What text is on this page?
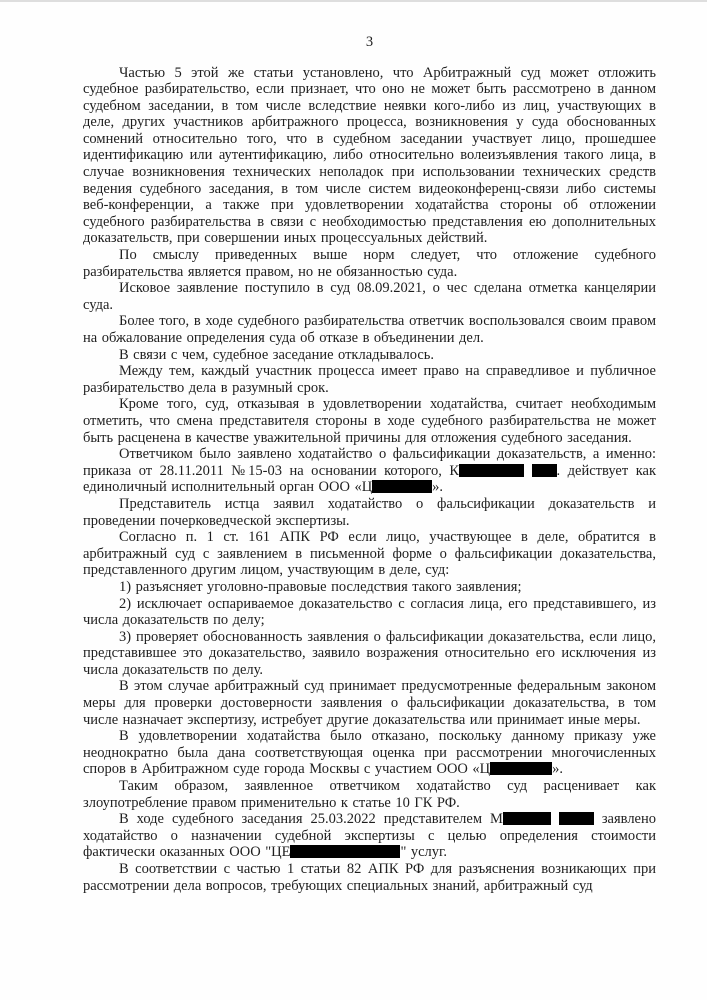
3

Частью 5 этой же статьи установлено, что Арбитражный суд может отложить судебное разбирательство, если признает, что оно не может быть рассмотрено в данном судебном заседании, в том числе вследствие неявки кого-либо из лиц, участвующих в деле, других участников арбитражного процесса, возникновения у суда обоснованных сомнений относительно того, что в судебном заседании участвует лицо, прошедшее идентификацию или аутентификацию, либо относительно волеизъявления такого лица, в случае возникновения технических неполадок при использовании технических средств ведения судебного заседания, в том числе систем видеоконференц-связи либо системы веб-конференции, а также при удовлетворении ходатайства стороны об отложении судебного разбирательства в связи с необходимостью представления ею дополнительных доказательств, при совершении иных процессуальных действий.

По смыслу приведенных выше норм следует, что отложение судебного разбирательства является правом, но не обязанностью суда.

Исковое заявление поступило в суд 08.09.2021, о чес сделана отметка канцелярии суда.

Более того, в ходе судебного разбирательства ответчик воспользовался своим правом на обжалование определения суда об отказе в объединении дел.

В связи с чем, судебное заседание откладывалось.

Между тем, каждый участник процесса имеет право на справедливое и публичное разбирательство дела в разумный срок.

Кроме того, суд, отказывая в удовлетворении ходатайства, считает необходимым отметить, что смена представителя стороны в ходе судебного разбирательства не может быть расценена в качестве уважительной причины для отложения судебного заседания.

Ответчиком было заявлено ходатайство о фальсификации доказательств, а именно: приказа от 28.11.2011 №15-03 на основании которого, К	. действует как единоличный исполнительный орган ООО «Ц	».

Представитель истца заявил ходатайство о фальсификации доказательств и проведении почерковедческой экспертизы.

Согласно п. 1 ст. 161 АПК РФ если лицо, участвующее в деле, обратится в арбитражный суд с заявлением в письменной форме о фальсификации доказательства, представленного другим лицом, участвующим в деле, суд:

1) разъясняет уголовно-правовые последствия такого заявления;

2) исключает оспариваемое доказательство с согласия лица, его представившего, из числа доказательств по делу;

3) проверяет обоснованность заявления о фальсификации доказательства, если лицо, представившее это доказательство, заявило возражения относительно его исключения из числа доказательств по делу.

В этом случае арбитражный суд принимает предусмотренные федеральным законом меры для проверки достоверности заявления о фальсификации доказательства, в том числе назначает экспертизу, истребует другие доказательства или принимает иные меры.

В удовлетворении ходатайства было отказано, поскольку данному приказу уже неоднократно была дана соответствующая оценка при рассмотрении многочисленных споров в Арбитражном суде города Москвы с участием ООО «Ц	».

Таким образом, заявленное ответчиком ходатайство суд расценивает как злоупотребление правом применительно к статье 10 ГК РФ.

В ходе судебного заседания 25.03.2022 представителем М	заявлено ходатайство о назначении судебной экспертизы с целью определения стоимости фактически оказанных ООО "ЦЕ	" услуг.

В соответствии с частью 1 статьи 82 АПК РФ для разъяснения возникающих при рассмотрении дела вопросов, требующих специальных знаний, арбитражный суд
